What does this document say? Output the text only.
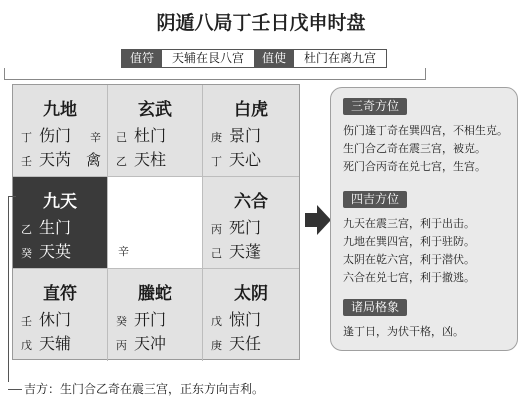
阴遁八局丁壬日戊申时盘
值符	天辅在艮八宫	值使	杜门在离九宫
九地
丁 伤门 辛
壬 天芮 禽
玄武
己 杜门
乙 天柱
白虎
庚 景门
丁 天心
九天
乙 生门
癸 天英	辛
六合
丙 死门
己 天蓬
直符
壬 休门
戊 天辅
螣蛇
癸 开门
丙 天冲
太阴
戊 惊门
庚 天任
三奇方位
伤门逢丁奇在巽四宫，不相生克。
生门合乙奇在震三宫，被克。
死门合丙奇在兑七宫，生宫。
四吉方位
九天在震三宫，利于出击。
九地在巽四宫，利于驻防。
太阴在乾六宫，利于潜伏。
六合在兑七宫，利于撤逃。
诸局格象
逢丁日，为伏干格，凶。
吉方：生门合乙奇在震三宫，正东方向吉利。
